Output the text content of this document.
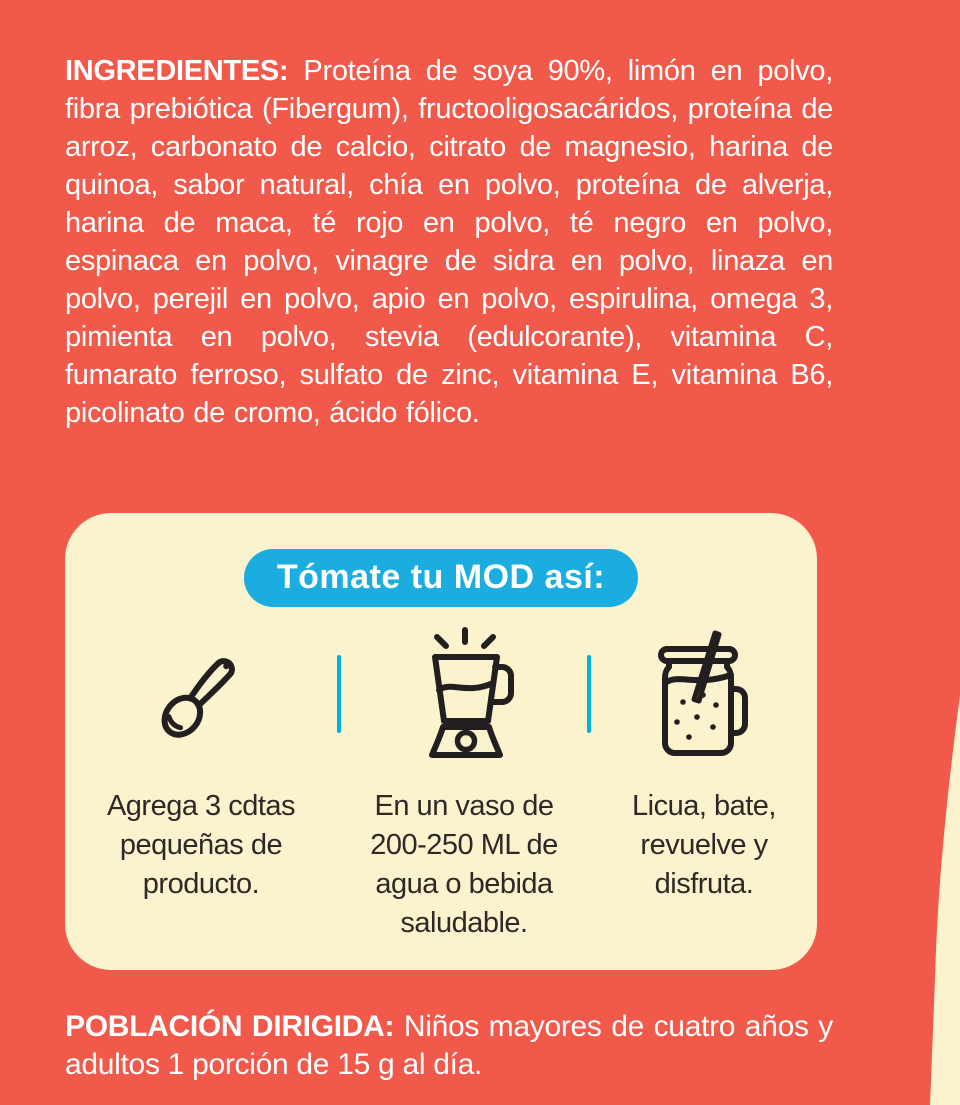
INGREDIENTES: Proteína de soya 90%, limón en polvo, fibra prebiótica (Fibergum), fructooligosacáridos, proteína de arroz, carbonato de calcio, citrato de magnesio, harina de quinoa, sabor natural, chía en polvo, proteína de alverja, harina de maca, té rojo en polvo, té negro en polvo, espinaca en polvo, vinagre de sidra en polvo, linaza en polvo, perejil en polvo, apio en polvo, espirulina, omega 3, pimienta en polvo, stevia (edulcorante), vitamina C, fumarato ferroso, sulfato de zinc, vitamina E, vitamina B6, picolinato de cromo, ácido fólico.

Tómate tu MOD así:
Agrega 3 cdtas
pequeñas de
producto.
En un vaso de
200-250 ML de
agua o bebida
saludable.
Licua, bate,
revuelve y
disfruta.

POBLACIÓN DIRIGIDA: Niños mayores de cuatro años y adultos 1 porción de 15 g al día.
